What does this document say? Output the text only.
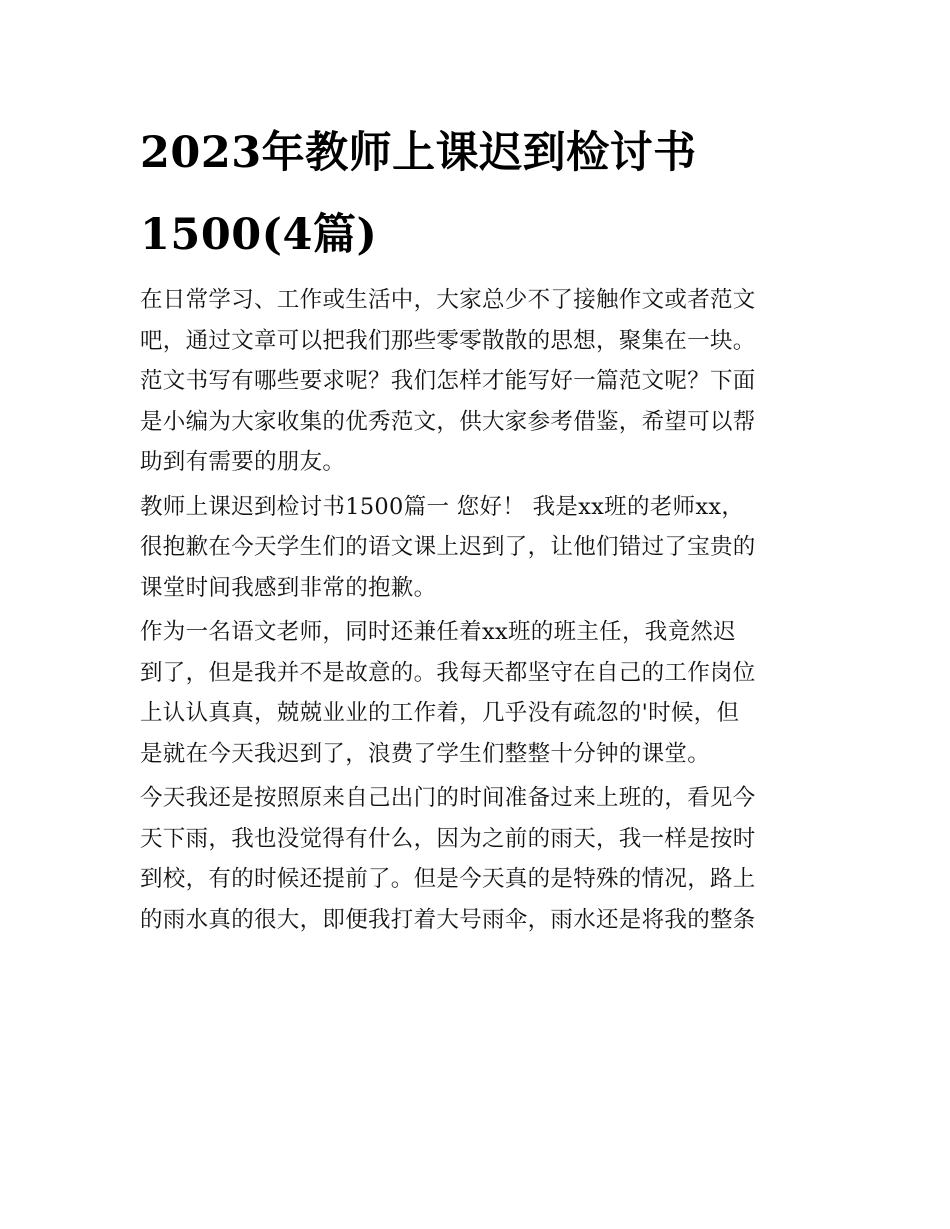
2023年教师上课迟到检讨书
1500(4篇)

在日常学习、工作或生活中，大家总少不了接触作文或者范文

吧，通过文章可以把我们那些零零散散的思想，聚集在一块。

范文书写有哪些要求呢？我们怎样才能写好一篇范文呢？下面

是小编为大家收集的优秀范文，供大家参考借鉴，希望可以帮

助到有需要的朋友。

教师上课迟到检讨书1500篇一 您好！ 我是xx班的老师xx，

很抱歉在今天学生们的语文课上迟到了，让他们错过了宝贵的

课堂时间我感到非常的抱歉。

作为一名语文老师，同时还兼任着xx班的班主任，我竟然迟

到了，但是我并不是故意的。我每天都坚守在自己的工作岗位

上认认真真，兢兢业业的工作着，几乎没有疏忽的'时候，但

是就在今天我迟到了，浪费了学生们整整十分钟的课堂。

今天我还是按照原来自己出门的时间准备过来上班的，看见今

天下雨，我也没觉得有什么，因为之前的雨天，我一样是按时

到校，有的时候还提前了。但是今天真的是特殊的情况，路上

的雨水真的很大，即便我打着大号雨伞，雨水还是将我的整条
